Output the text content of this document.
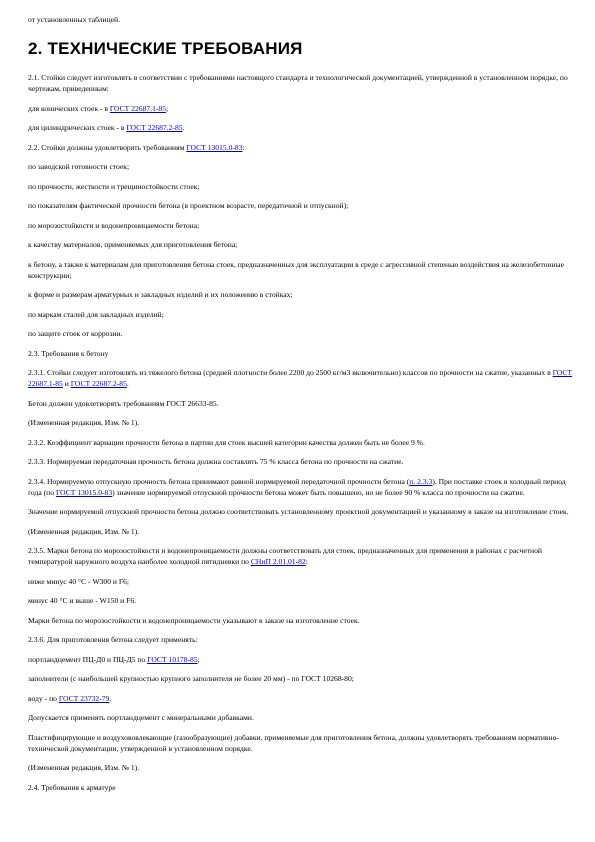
от установленных таблицей.

2. ТЕХНИЧЕСКИЕ ТРЕБОВАНИЯ

2.1. Стойки следует изготовлять в соответствии с требованиями настоящего стандарта и технологической документацией, утвержденной в установленном порядке, по чертежам, приведенным:

для конических стоек - в ГОСТ 22687.1-85;

для цилиндрических стоек - в ГОСТ 22687.2-85.

2.2. Стойки должны удовлетворять требованиям ГОСТ 13015.0-83:

по заводской готовности стоек;

по прочности, жесткости и трещиностойкости стоек;

по показателям фактической прочности бетона (в проектном возрасте, передаточной и отпускной);

по морозостойкости и водонепроницаемости бетона;

к качеству материалов, применяемых для приготовления бетона;

к бетону, а также к материалам для приготовления бетона стоек, предназначенных для эксплуатации в среде с агрессивной степенью воздействия на железобетонные конструкции;

к форме и размерам арматурных и закладных изделий и их положению в стойках;

по маркам сталей для закладных изделий;

по защите стоек от коррозии.

2.3. Требования к бетону

2.3.1. Стойки следует изготовлять из тяжелого бетона (средней плотности более 2200 до 2500 кг/м3 включительно) классов по прочности на сжатие, указанных в ГОСТ 22687.1-85 и ГОСТ 22687.2-85.

Бетон должен удовлетворять требованиям ГОСТ 26633-85.

(Измененная редакция, Изм. № 1).

2.3.2. Коэффициент вариации прочности бетона в партии для стоек высшей категории качества должен быть не более 9 %.

2.3.3. Нормируемая передаточная прочность бетона должна составлять 75 % класса бетона по прочности на сжатие.

2.3.4. Нормируемую отпускную прочность бетона принимают равной нормируемой передаточной прочности бетона (п. 2.3.3). При поставке стоек в холодный период года (по ГОСТ 13015.0-83) значение нормируемой отпускной прочности бетона может быть повышено, но не более 90 % класса по прочности на сжатие.

Значение нормируемой отпускной прочности бетона должно соответствовать установленному проектной документацией и указанному в заказе на изготовление стоек.

(Измененная редакция, Изм. № 1).

2.3.5. Марки бетона по морозостойкости и водонепроницаемости должны соответствовать для стоек, предназначенных для применения в районах с расчетной температурой наружного воздуха наиболее холодной пятидневки по СНиП 2.01.01-82:

ниже минус 40 °С - W300 и F6;

минус 40 °С и выше - W150 и F6.

Марки бетона по морозостойкости и водонепроницаемости указывают в заказе на изготовление стоек.

2.3.6. Для приготовления бетона следует применять:

портландцемент ПЦ-Д0 и ПЦ-Д5 по ГОСТ 10178-85;

заполнители (с наибольшей крупностью крупного заполнителя не более 20 мм) - по ГОСТ 10268-80;

воду - по ГОСТ 23732-79.

Допускается применять портландцемент с минеральными добавками.

Пластифицирующие и воздухововлекающие (газообразующие) добавки, применяемые для приготовления бетона, должны удовлетворять требованиям нормативно-технической документации, утвержденной в установленном порядке.

(Измененная редакция, Изм. № 1).

2.4. Требования к арматуре
